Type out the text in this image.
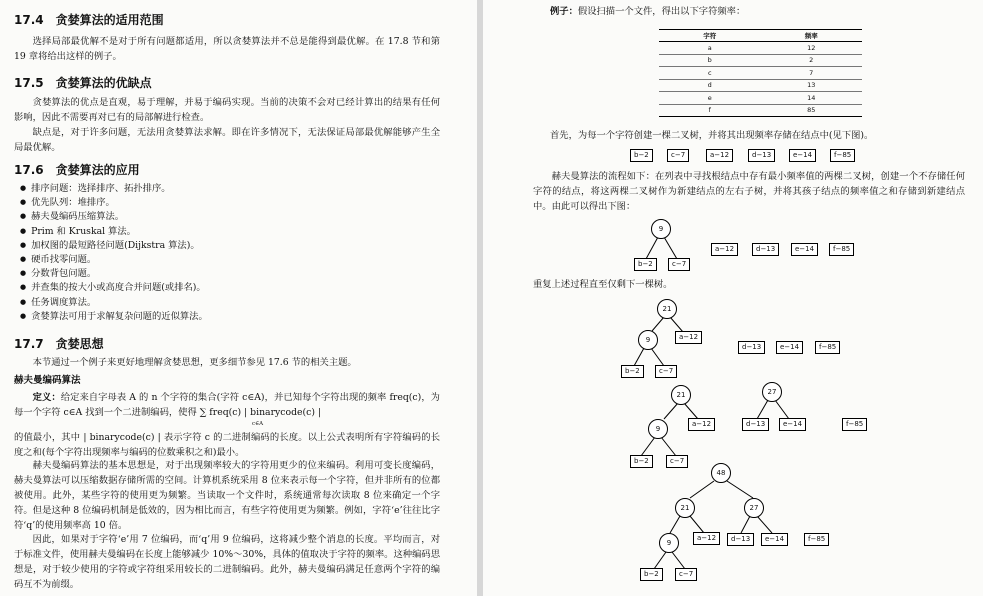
17.4　贪婪算法的适用范围
选择局部最优解不是对于所有问题都适用，所以贪婪算法并不总是能得到最优解。在 17.8 节和第 19 章将给出这样的例子。
17.5　贪婪算法的优缺点
贪婪算法的优点是直观，易于理解，并易于编码实现。当前的决策不会对已经计算出的结果有任何影响，因此不需要再对已有的局部解进行检查。
缺点是，对于许多问题，无法用贪婪算法求解。即在许多情况下，无法保证局部最优解能够产生全局最优解。
17.6　贪婪算法的应用
● 排序问题：选择排序、拓扑排序。
● 优先队列：堆排序。
● 赫夫曼编码压缩算法。
● Prim 和 Kruskal 算法。
● 加权图的最短路径问题(Dijkstra 算法)。
● 硬币找零问题。
● 分数背包问题。
● 并查集的按大小或高度合并问题(或排名)。
● 任务调度算法。
● 贪婪算法可用于求解复杂问题的近似算法。
17.7　贪婪思想
本节通过一个例子来更好地理解贪婪思想，更多细节参见 17.6 节的相关主题。
赫夫曼编码算法
定义：给定来自字母表 A 的 n 个字符的集合(字符 c∈A)，并已知每个字符出现的频率 freq(c)，为每一个字符 c∈A 找到一个二进制编码，使得 ∑ freq(c) | binarycode(c) |
c∈A
的值最小，其中 | binarycode(c) | 表示字符 c 的二进制编码的长度。以上公式表明所有字符编码的长度之和(每个字符出现频率与编码的位数乘积之和)最小。
赫夫曼编码算法的基本思想是，对于出现频率较大的字符用更少的位来编码。利用可变长度编码，赫夫曼算法可以压缩数据存储所需的空间。计算机系统采用 8 位来表示每一个字符，但并非所有的位都被使用。此外，某些字符的使用更为频繁。当读取一个文件时，系统通常每次读取 8 位来确定一个字符。但是这种 8 位编码机制是低效的，因为相比而言，有些字符使用更为频繁。例如，字符‘e’往往比字符‘q’的使用频率高 10 倍。
因此，如果对于字符‘e’用 7 位编码，而‘q’用 9 位编码，这将减少整个消息的长度。平均而言，对于标准文件，使用赫夫曼编码在长度上能够减少 10%～30%，具体的值取决于字符的频率。这种编码思想是，对于较少使用的字符或字符组采用较长的二进制编码。此外，赫夫曼编码满足任意两个字符的编码互不为前缀。
例子：假设扫描一个文件，得出以下字符频率：
字符	频率
a	12
b	2
c	7
d	13
e	14
f	85
首先，为每一个字符创建一棵二叉树，并将其出现频率存储在结点中(见下图)。
b−2	c−7	a−12	d−13	e−14	f−85
赫夫曼算法的流程如下：在列表中寻找根结点中存有最小频率值的两棵二叉树，创建一个不存储任何字符的结点，将这两棵二叉树作为新建结点的左右子树，并将其孩子结点的频率值之和存储到新建结点中。由此可以得出下图：
9
b−2	c−7
a−12	d−13	e−14	f−85
重复上述过程直至仅剩下一棵树。
21
9	a−12
b−2	c−7
d−13	e−14	f−85
21
9
a−12
b−2	c−7
27
d−13	e−14	f−85
48
21	27
9
a−12	d−13	e−14	f−85
b−2	c−7
